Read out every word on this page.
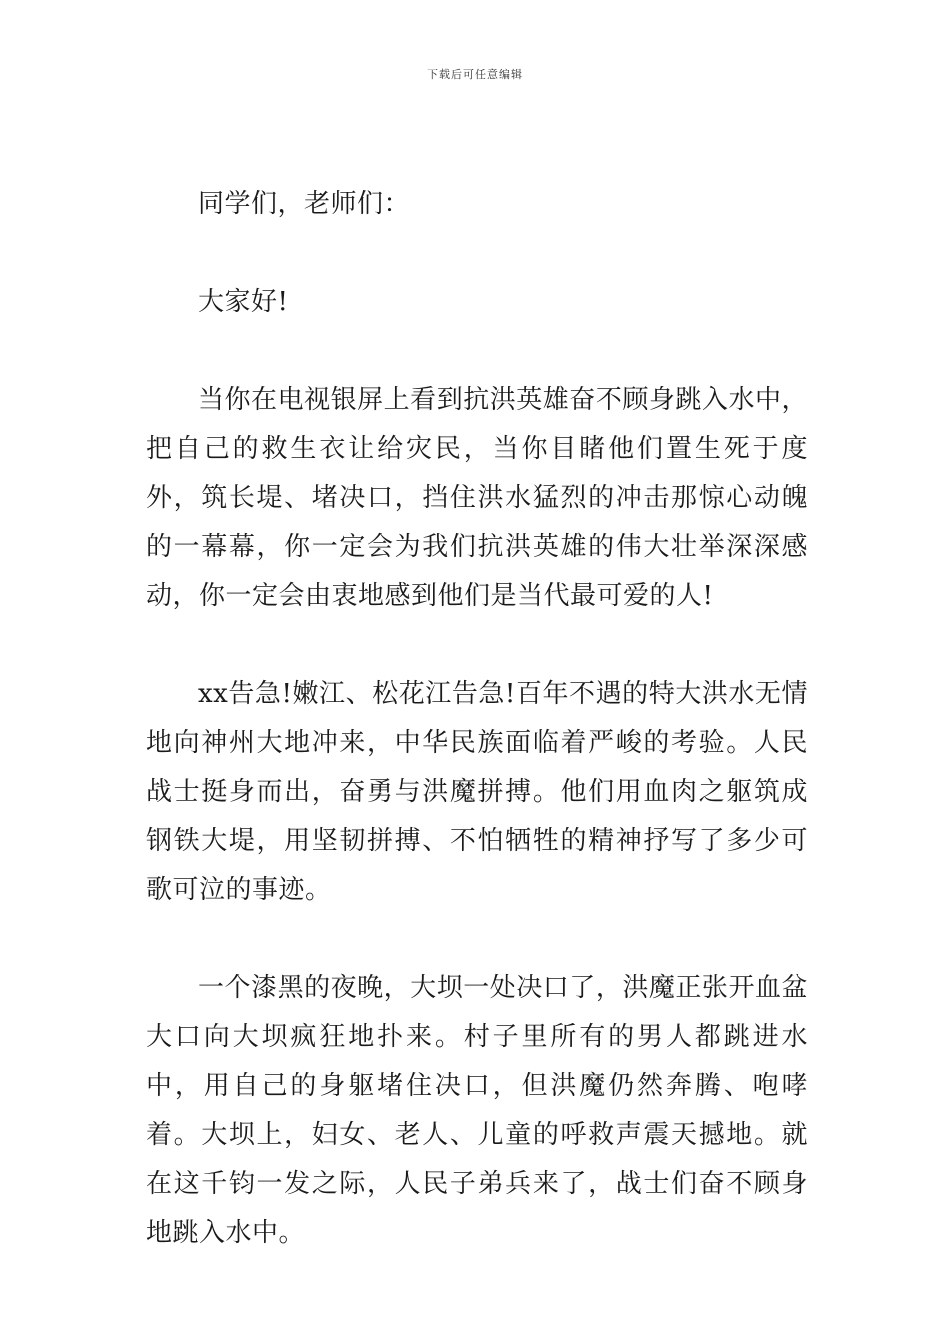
下载后可任意编辑

同学们，老师们：

大家好!

当你在电视银屏上看到抗洪英雄奋不顾身跳入水中，把自己的救生衣让给灾民，当你目睹他们置生死于度外，筑长堤、堵决口，挡住洪水猛烈的冲击那惊心动魄的一幕幕，你一定会为我们抗洪英雄的伟大壮举深深感动，你一定会由衷地感到他们是当代最可爱的人!

xx告急!嫩江、松花江告急!百年不遇的特大洪水无情地向神州大地冲来，中华民族面临着严峻的考验。人民战士挺身而出，奋勇与洪魔拼搏。他们用血肉之躯筑成钢铁大堤，用坚韧拼搏、不怕牺牲的精神抒写了多少可歌可泣的事迹。

一个漆黑的夜晚，大坝一处决口了，洪魔正张开血盆大口向大坝疯狂地扑来。村子里所有的男人都跳进水中，用自己的身躯堵住决口，但洪魔仍然奔腾、咆哮着。大坝上，妇女、老人、儿童的呼救声震天撼地。就在这千钧一发之际，人民子弟兵来了，战士们奋不顾身地跳入水中。
